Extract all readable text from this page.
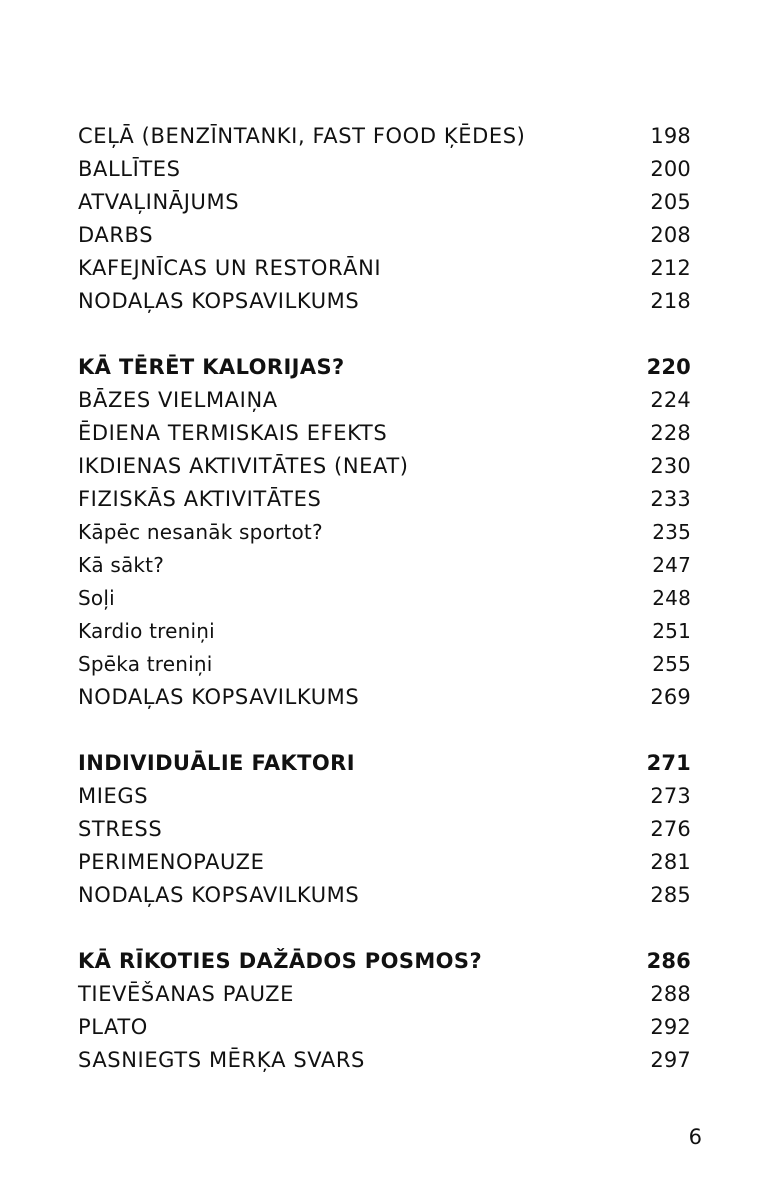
CEĻĀ (BENZĪNTANKI, FAST FOOD ĶĒDES)	198
BALLĪTES	200
ATVAĻINĀJUMS	205
DARBS	208
KAFEJNĪCAS UN RESTORĀNI	212
NODAĻAS KOPSAVILKUMS	218
KĀ TĒRĒT KALORIJAS?	220
BĀZES VIELMAIŅA	224
ĒDIENA TERMISKAIS EFEKTS	228
IKDIENAS AKTIVITĀTES (NEAT)	230
FIZISKĀS AKTIVITĀTES	233
Kāpēc nesanāk sportot?	235
Kā sākt?	247
Soļi	248
Kardio treniņi	251
Spēka treniņi	255
NODAĻAS KOPSAVILKUMS	269
INDIVIDUĀLIE FAKTORI	271
MIEGS	273
STRESS	276
PERIMENOPAUZE	281
NODAĻAS KOPSAVILKUMS	285
KĀ RĪKOTIES DAŽĀDOS POSMOS?	286
TIEVĒŠANAS PAUZE	288
PLATO	292
SASNIEGTS MĒRĶA SVARS	297
6
